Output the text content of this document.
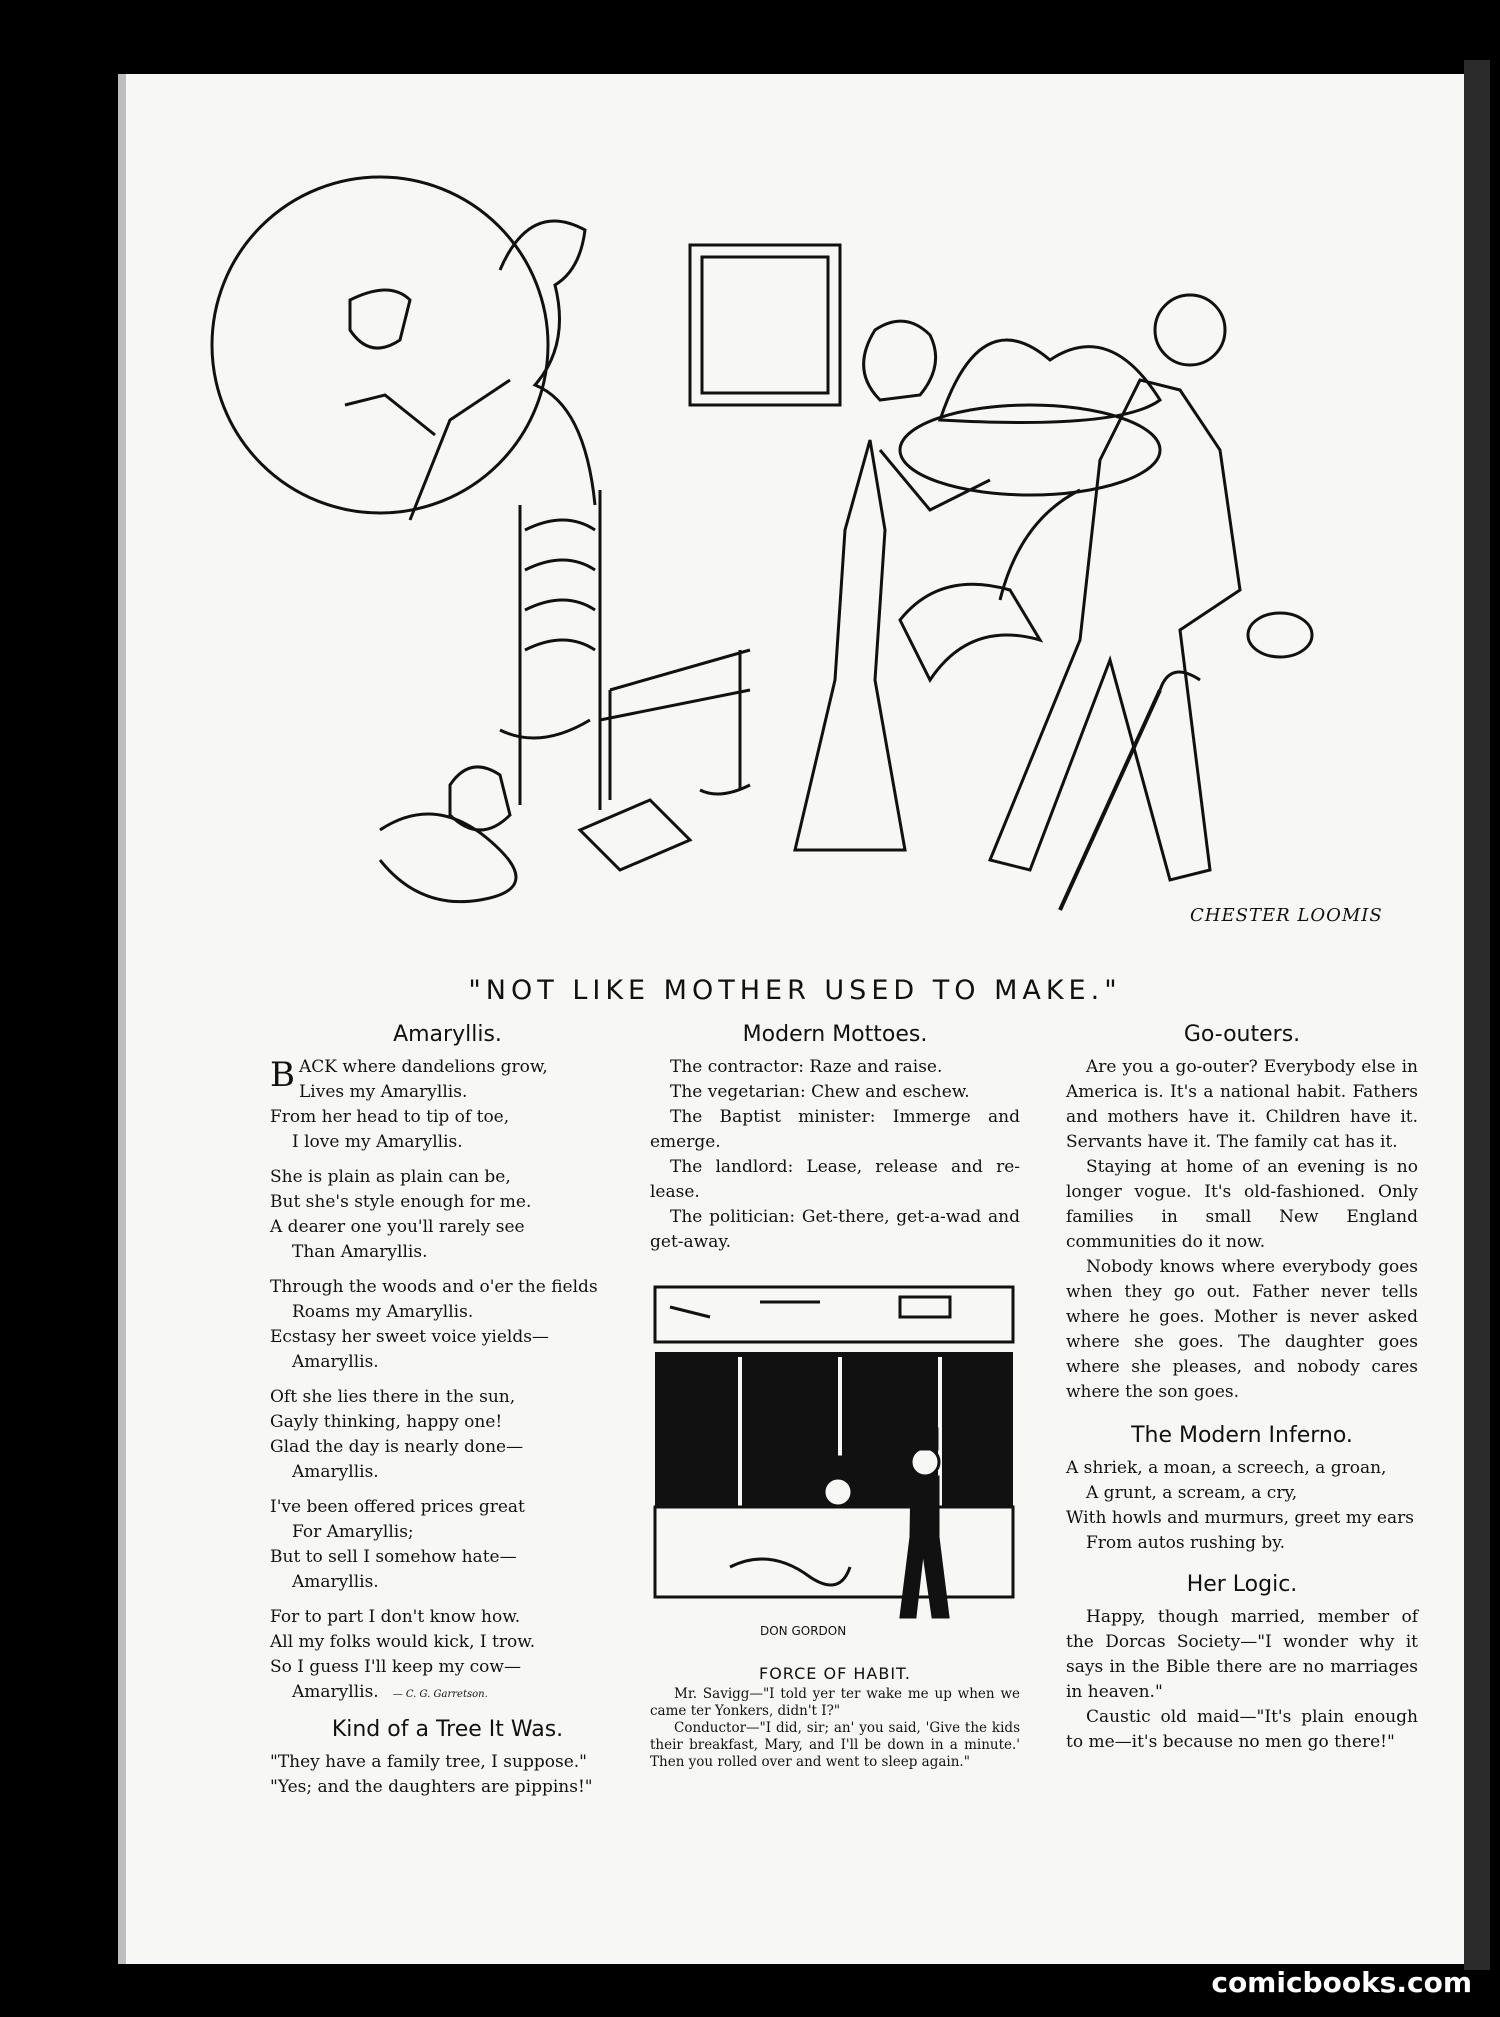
CHESTER LOOMIS
"NOT LIKE MOTHER USED TO MAKE."
Amaryllis.

BACK where dandelions grow,

Lives my Amaryllis.

From her head to tip of toe,

I love my Amaryllis.

She is plain as plain can be,

But she's style enough for me.

A dearer one you'll rarely see

Than Amaryllis.

Through the woods and o'er the fields

Roams my Amaryllis.

Ecstasy her sweet voice yields—

Amaryllis.

Oft she lies there in the sun,

Gayly thinking, happy one!

Glad the day is nearly done—

Amaryllis.

I've been offered prices great

For Amaryllis;

But to sell I somehow hate—

Amaryllis.

For to part I don't know how.

All my folks would kick, I trow.

So I guess I'll keep my cow—

Amaryllis. — C. G. Garretson.

Kind of a Tree It Was.

"They have a family tree, I suppose."

"Yes; and the daughters are pippins!"

Modern Mottoes.

The contractor: Raze and raise.

The vegetarian: Chew and eschew.

The Baptist minister: Immerge and emerge.

The landlord: Lease, release and re-lease.

The politician: Get-there, get-a-wad and get-away.

DON GORDON
FORCE OF HABIT.

Mr. Savigg—"I told yer ter wake me up when we came ter Yonkers, didn't I?"

Conductor—"I did, sir; an' you said, 'Give the kids their breakfast, Mary, and I'll be down in a minute.' Then you rolled over and went to sleep again."

Go-outers.

Are you a go-outer? Everybody else in America is. It's a national habit. Fathers and mothers have it. Children have it. Servants have it. The family cat has it.

Staying at home of an evening is no longer vogue. It's old-fashioned. Only families in small New England communities do it now.

Nobody knows where everybody goes when they go out. Father never tells where he goes. Mother is never asked where she goes. The daughter goes where she pleases, and nobody cares where the son goes.

The Modern Inferno.

A shriek, a moan, a screech, a groan,

A grunt, a scream, a cry,

With howls and murmurs, greet my ears

From autos rushing by.

Her Logic.

Happy, though married, member of the Dorcas Society—"I wonder why it says in the Bible there are no marriages in heaven."

Caustic old maid—"It's plain enough to me—it's because no men go there!"

comicbooks.com
